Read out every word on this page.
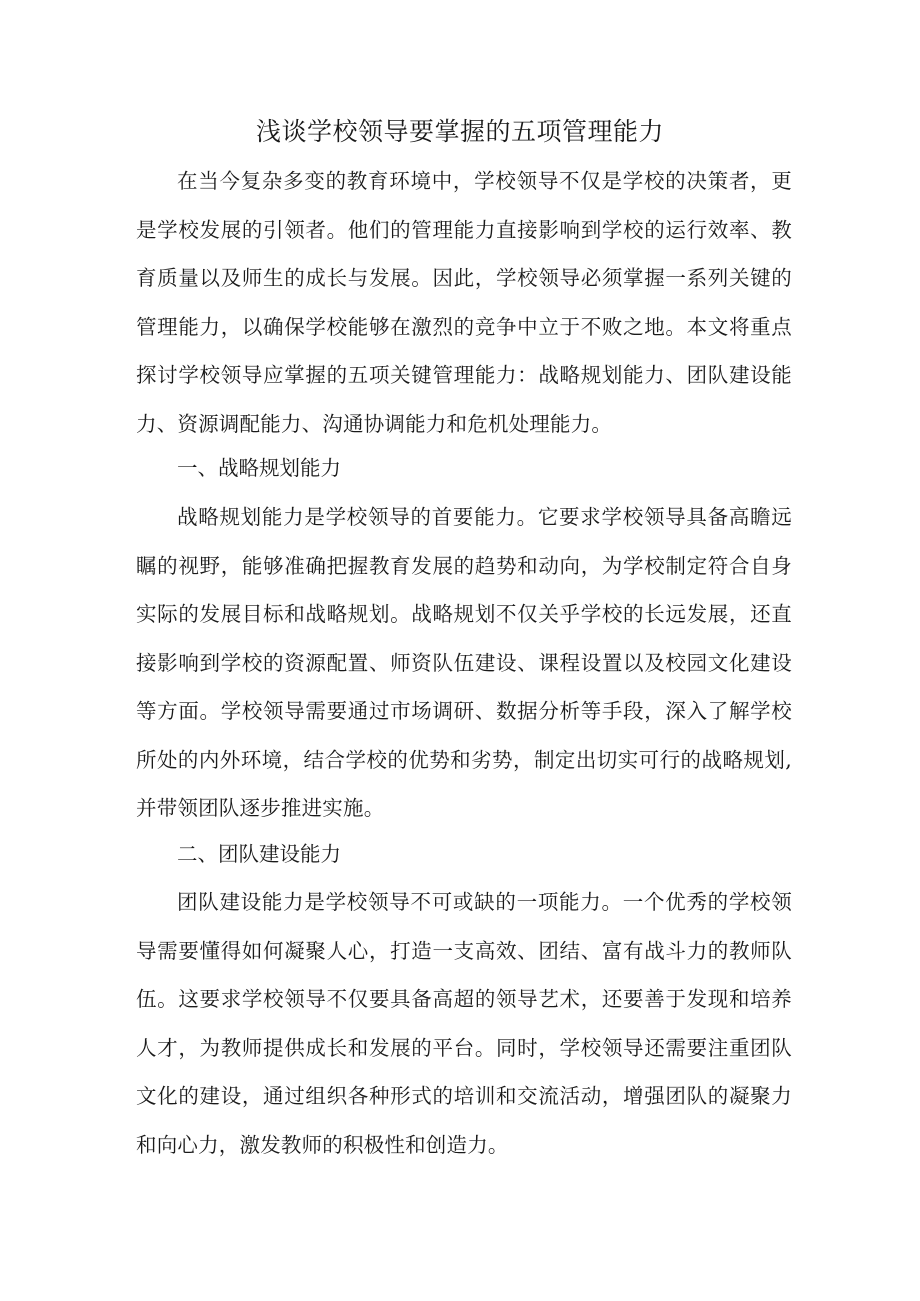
浅谈学校领导要掌握的五项管理能力

在当今复杂多变的教育环境中，学校领导不仅是学校的决策者，更是学校发展的引领者。他们的管理能力直接影响到学校的运行效率、教育质量以及师生的成长与发展。因此，学校领导必须掌握一系列关键的管理能力，以确保学校能够在激烈的竞争中立于不败之地。本文将重点探讨学校领导应掌握的五项关键管理能力：战略规划能力、团队建设能力、资源调配能力、沟通协调能力和危机处理能力。

一、战略规划能力

战略规划能力是学校领导的首要能力。它要求学校领导具备高瞻远瞩的视野，能够准确把握教育发展的趋势和动向，为学校制定符合自身实际的发展目标和战略规划。战略规划不仅关乎学校的长远发展，还直接影响到学校的资源配置、师资队伍建设、课程设置以及校园文化建设等方面。学校领导需要通过市场调研、数据分析等手段，深入了解学校所处的内外环境，结合学校的优势和劣势，制定出切实可行的战略规划,并带领团队逐步推进实施。

二、团队建设能力

团队建设能力是学校领导不可或缺的一项能力。一个优秀的学校领导需要懂得如何凝聚人心，打造一支高效、团结、富有战斗力的教师队伍。这要求学校领导不仅要具备高超的领导艺术，还要善于发现和培养人才，为教师提供成长和发展的平台。同时，学校领导还需要注重团队文化的建设，通过组织各种形式的培训和交流活动，增强团队的凝聚力和向心力，激发教师的积极性和创造力。
